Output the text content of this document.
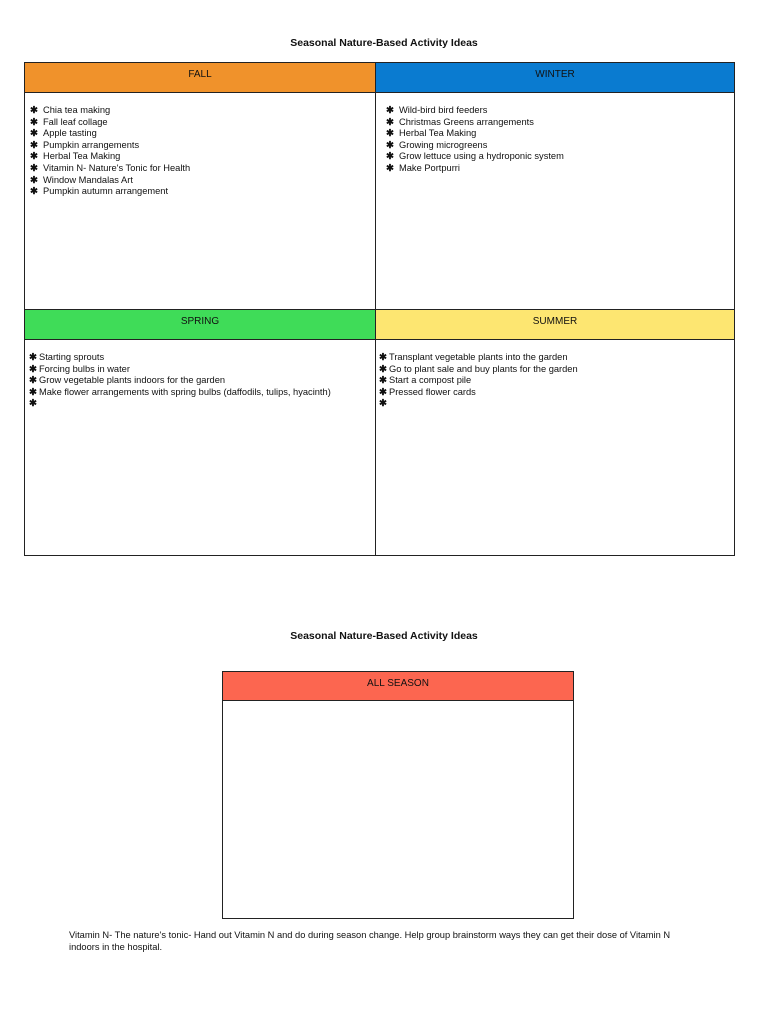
Seasonal Nature-Based Activity Ideas
FALL
✱ Chia tea making
✱ Fall leaf collage
✱ Apple tasting
✱ Pumpkin arrangements
✱ Herbal Tea Making
✱ Vitamin N- Nature's Tonic for Health
✱ Window Mandalas Art
✱ Pumpkin autumn arrangement
WINTER
✱ Wild-bird bird feeders
✱ Christmas Greens arrangements
✱ Herbal Tea Making
✱ Growing microgreens
✱ Grow lettuce using a hydroponic system
✱ Make Portpurri
SPRING
✱ Starting sprouts
✱ Forcing bulbs in water
✱ Grow vegetable plants indoors for the garden
✱ Make flower arrangements with spring bulbs (daffodils, tulips, hyacinth)
✱
SUMMER
✱ Transplant vegetable plants into the garden
✱ Go to plant sale and buy plants for the garden
✱ Start a compost pile
✱ Pressed flower cards
✱
Seasonal Nature-Based Activity Ideas
ALL SEASON
Vitamin N- The nature's tonic- Hand out Vitamin N and do during season change. Help group brainstorm ways they can get their dose of Vitamin N indoors in the hospital.
